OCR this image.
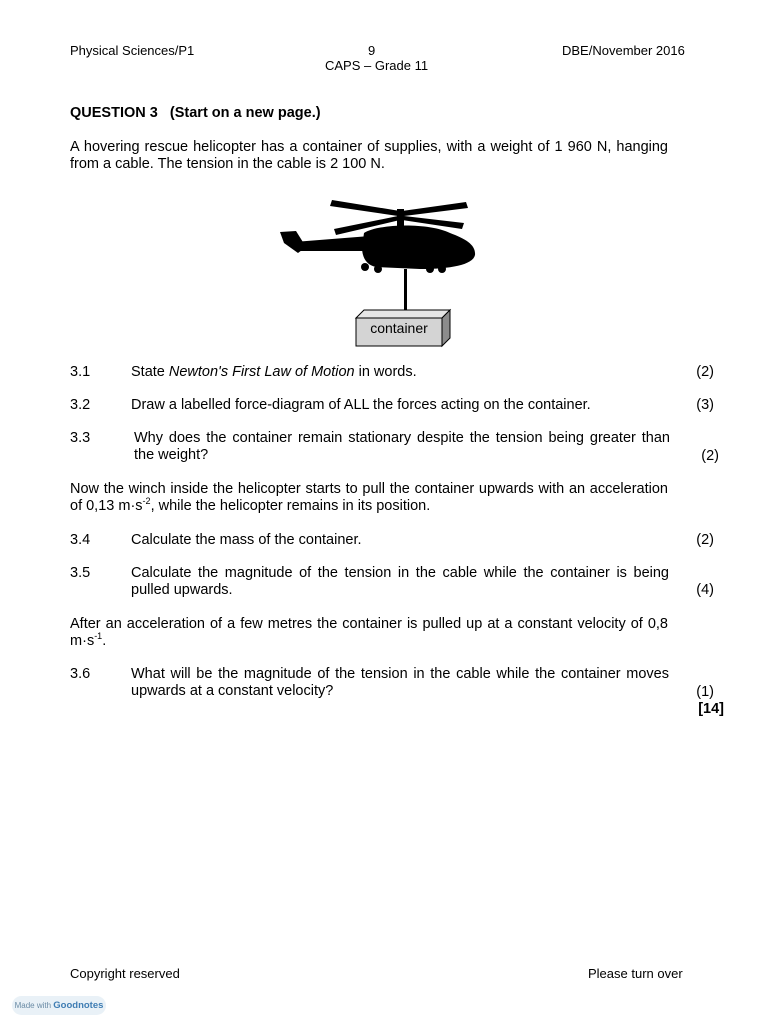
Physical Sciences/P1	9	DBE/November 2016
CAPS – Grade 11
QUESTION 3   (Start on a new page.)
A hovering rescue helicopter has a container of supplies, with a weight of 1 960 N, hanging from a cable. The tension in the cable is 2 100 N.
container
3.1	State Newton's First Law of Motion in words.	(2)
3.2	Draw a labelled force-diagram of ALL the forces acting on the container.	(3)
3.3	Why does the container remain stationary despite the tension being greater than the weight?	(2)
Now the winch inside the helicopter starts to pull the container upwards with an acceleration of 0,13 $m\cdot s^{-2}$, while the helicopter remains in its position.
3.4	Calculate the mass of the container.	(2)
3.5	Calculate the magnitude of the tension in the cable while the container is being pulled upwards.	(4)
After an acceleration of a few metres the container is pulled up at a constant velocity of 0,8 $m\cdot s^{-1}$.
3.6	What will be the magnitude of the tension in the cable while the container moves upwards at a constant velocity?	(1)
[14]
Copyright reserved	Please turn over
Made with Goodnotes
